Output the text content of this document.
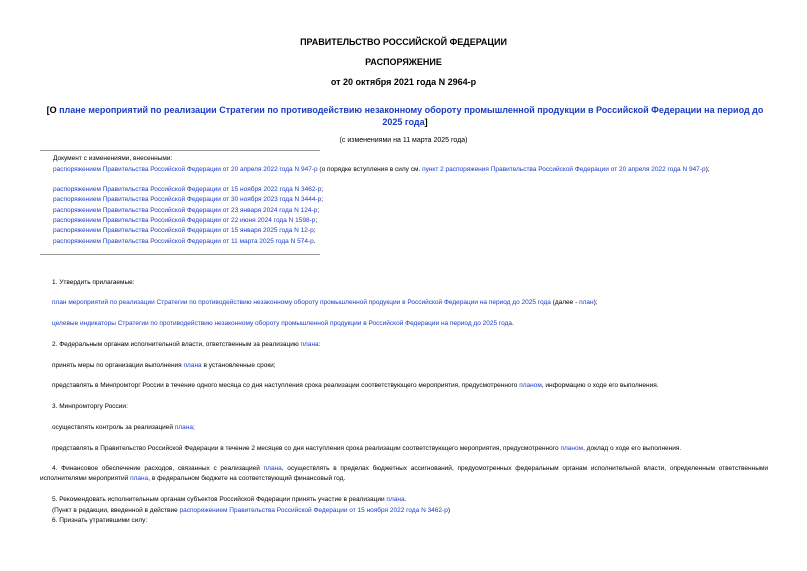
ПРАВИТЕЛЬСТВО РОССИЙСКОЙ ФЕДЕРАЦИИ
РАСПОРЯЖЕНИЕ
от 20 октября 2021 года N 2964-р
[О плане мероприятий по реализации Стратегии по противодействию незаконному обороту промышленной продукции в Российской Федерации на период до 2025 года]
(с изменениями на 11 марта 2025 года)
Документ с изменениями, внесенными:
распоряжением Правительства Российской Федерации от 20 апреля 2022 года N 947-р (о порядке вступления в силу см. пункт 2 распоряжения Правительства Российской Федерации от 20 апреля 2022 года N 947-р);
распоряжением Правительства Российской Федерации от 15 ноября 2022 года N 3462-р;
распоряжением Правительства Российской Федерации от 30 ноября 2023 года N 3444-р;
распоряжением Правительства Российской Федерации от 23 января 2024 года N 124-р;
распоряжением Правительства Российской Федерации от 22 июня 2024 года N 1598-р;
распоряжением Правительства Российской Федерации от 15 января 2025 года N 12-р;
распоряжением Правительства Российской Федерации от 11 марта 2025 года N 574-р.
1. Утвердить прилагаемые:
план мероприятий по реализации Стратегии по противодействию незаконному обороту промышленной продукции в Российской Федерации на период до 2025 года (далее - план);
целевые индикаторы Стратегии по противодействию незаконному обороту промышленной продукции в Российской Федерации на период до 2025 года.
2. Федеральным органам исполнительной власти, ответственным за реализацию плана:
принять меры по организации выполнения плана в установленные сроки;
представлять в Минпромторг России в течение одного месяца со дня наступления срока реализации соответствующего мероприятия, предусмотренного планом, информацию о ходе его выполнения.
3. Минпромторгу России:
осуществлять контроль за реализацией плана;
представлять в Правительство Российской Федерации в течение 2 месяцев со дня наступления срока реализации соответствующего мероприятия, предусмотренного планом, доклад о ходе его выполнения.
4. Финансовое обеспечение расходов, связанных с реализацией плана, осуществлять в пределах бюджетных ассигнований, предусмотренных федеральным органам исполнительной власти, определенным ответственными исполнителями мероприятий плана, в федеральном бюджете на соответствующий финансовый год.
5. Рекомендовать исполнительным органам субъектов Российской Федерации принять участие в реализации плана.
(Пункт в редакции, введенной в действие распоряжением Правительства Российской Федерации от 15 ноября 2022 года N 3462-р)
6. Признать утратившими силу:
